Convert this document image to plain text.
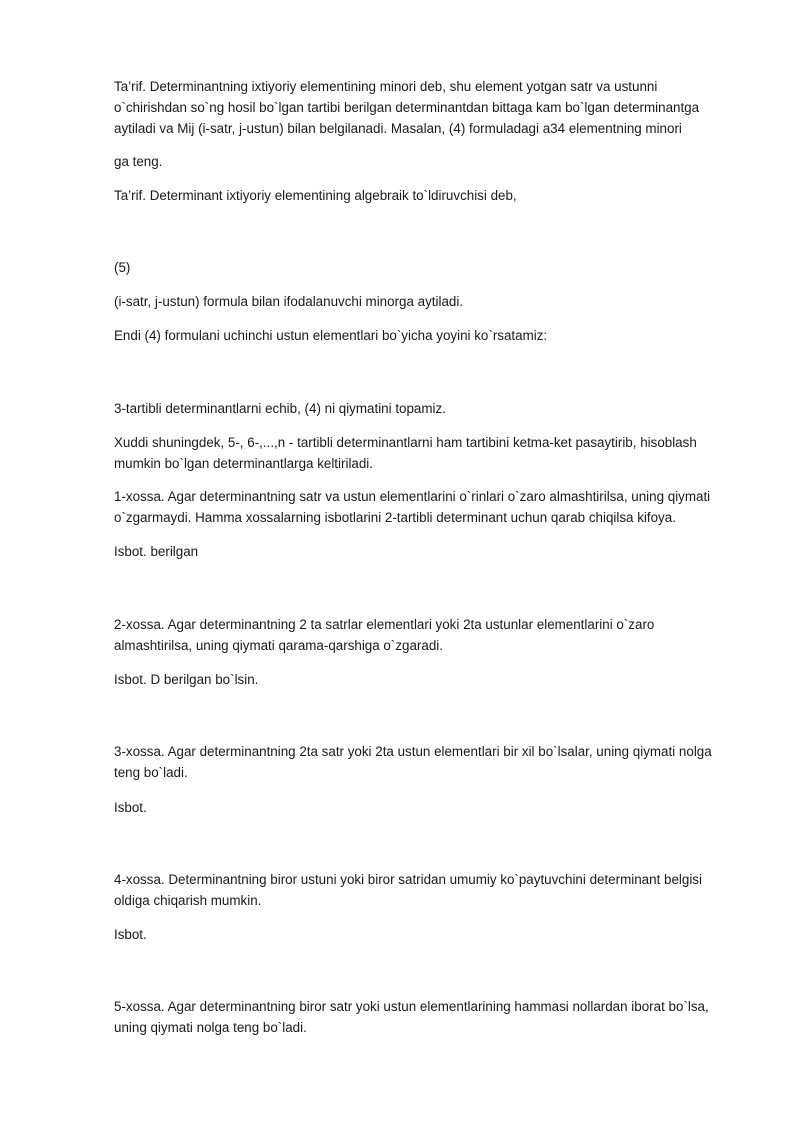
Ta’rif. Determinantning ixtiyoriy elementining minori deb, shu element yotgan satr va ustunni o`chirishdan so`ng hosil bo`lgan tartibi berilgan determinantdan bittaga kam bo`lgan determinantga aytiladi va Mij (i-satr, j-ustun) bilan belgilanadi. Masalan, (4) formuladagi a34 elementning minori

ga teng.

Ta’rif. Determinant ixtiyoriy elementining algebraik to`ldiruvchisi deb,

(5)

(i-satr, j-ustun) formula bilan ifodalanuvchi minorga aytiladi.

Endi (4) formulani uchinchi ustun elementlari bo`yicha yoyini ko`rsatamiz:

3-tartibli determinantlarni echib, (4) ni qiymatini topamiz.

Xuddi shuningdek, 5-, 6-,...,n - tartibli determinantlarni ham tartibini ketma-ket pasaytirib, hisoblash mumkin bo`lgan determinantlarga keltiriladi.

1-xossa. Agar determinantning satr va ustun elementlarini o`rinlari o`zaro almashtirilsa, uning qiymati o`zgarmaydi. Hamma xossalarning isbotlarini 2-tartibli determinant uchun qarab chiqilsa kifoya.

Isbot. berilgan

2-xossa. Agar determinantning 2 ta satrlar elementlari yoki 2ta ustunlar elementlarini o`zaro almashtirilsa, uning qiymati qarama-qarshiga o`zgaradi.

Isbot. D berilgan bo`lsin.

3-xossa. Agar determinantning 2ta satr yoki 2ta ustun elementlari bir xil bo`lsalar, uning qiymati nolga teng bo`ladi.

Isbot.

4-xossa. Determinantning biror ustuni yoki biror satridan umumiy ko`paytuvchini determinant belgisi oldiga chiqarish mumkin.

Isbot.

5-xossa. Agar determinantning biror satr yoki ustun elementlarining hammasi nollardan iborat bo`lsa, uning qiymati nolga teng bo`ladi.
